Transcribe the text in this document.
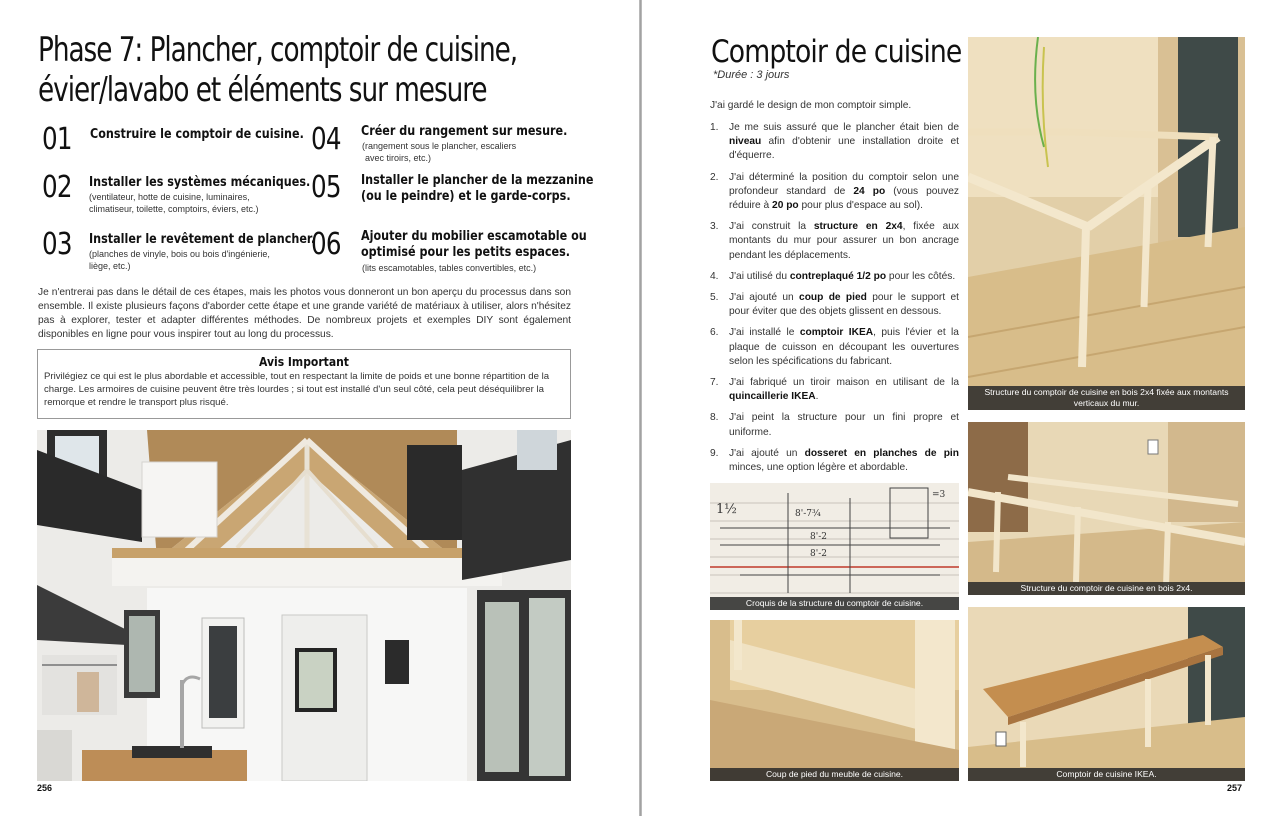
Phase 7: Plancher, comptoir de cuisine,
évier/lavabo et éléments sur mesure
01 Construire le comptoir de cuisine.
02 Installer les systèmes mécaniques.
(ventilateur, hotte de cuisine, luminaires,
climatiseur, toilette, comptoirs, éviers, etc.)
03 Installer le revêtement de plancher.
(planches de vinyle, bois ou bois d'ingénierie,
liège, etc.)
04 Créer du rangement sur mesure.
(rangement sous le plancher, escaliers
avec tiroirs, etc.)
05 Installer le plancher de la mezzanine
(ou le peindre) et le garde-corps.
06 Ajouter du mobilier escamotable ou
optimisé pour les petits espaces.
(lits escamotables, tables convertibles, etc.)
Je n'entrerai pas dans le détail de ces étapes, mais les photos vous donneront un bon aperçu du processus dans son ensemble. Il existe plusieurs façons d'aborder cette étape et une grande variété de matériaux à utiliser, alors n'hésitez pas à explorer, tester et adapter différentes méthodes. De nombreux projets et exemples DIY sont également disponibles en ligne pour vous inspirer tout au long du processus.
Avis Important
Privilégiez ce qui est le plus abordable et accessible, tout en respectant la limite de poids et une bonne répartition de la charge. Les armoires de cuisine peuvent être très lourdes ; si tout est installé d'un seul côté, cela peut déséquilibrer la remorque et rendre le transport plus risqué.
256
Comptoir de cuisine
*Durée : 3 jours
J'ai gardé le design de mon comptoir simple.
1. Je me suis assuré que le plancher était bien de niveau afin d'obtenir une installation droite et d'équerre.
2. J'ai déterminé la position du comptoir selon une profondeur standard de 24 po (vous pouvez réduire à 20 po pour plus d'espace au sol).
3. J'ai construit la structure en 2x4, fixée aux montants du mur pour assurer un bon ancrage pendant les déplacements.
4. J'ai utilisé du contreplaqué 1/2 po pour les côtés.
5. J'ai ajouté un coup de pied pour le support et pour éviter que des objets glissent en dessous.
6. J'ai installé le comptoir IKEA, puis l'évier et la plaque de cuisson en découpant les ouvertures selon les spécifications du fabricant.
7. J'ai fabriqué un tiroir maison en utilisant de la quincaillerie IKEA.
8. J'ai peint la structure pour un fini propre et uniforme.
9. J'ai ajouté un dosseret en planches de pin minces, une option légère et abordable.
Structure du comptoir de cuisine en bois 2x4 fixée aux montants verticaux du mur.
Structure du comptoir de cuisine en bois 2x4.
1½	8'-7¾
8'-2
8'-2
=3
Croquis de la structure du comptoir de cuisine.
Coup de pied du meuble de cuisine.	Comptoir de cuisine IKEA.
257
